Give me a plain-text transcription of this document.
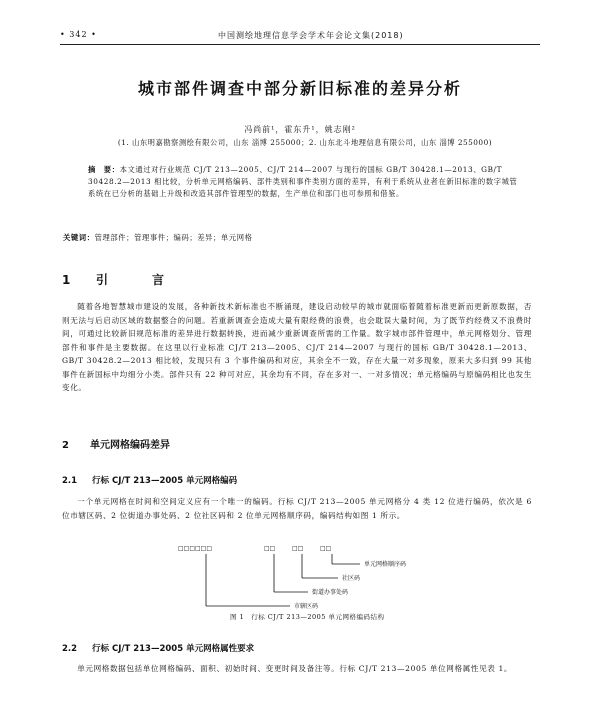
• 342 •	中国测绘地理信息学会学术年会论文集(2018)
城市部件调查中部分新旧标准的差异分析
冯尚前¹，霍东升¹，姚志刚²
(1. 山东明嘉勘察测绘有限公司，山东 淄博 255000；2. 山东北斗地理信息有限公司，山东 淄博 255000)
摘　要：本文通过对行业规范 CJ/T 213—2005、CJ/T 214—2007 与现行的国标 GB/T 30428.1—2013、GB/T 30428.2—2013 相比较，分析单元网格编码、部件类别和事件类别方面的差异，有利于系统从业者在新旧标准的数字城管系统在已分析的基础上升级和改造其部件管理型的数据，生产单位和部门也可参照和借鉴。
关键词：管理部件；管理事件；编码；差异；单元网格
1 引　言
随着各地智慧城市建设的发展，各种新技术新标准也不断涌现，建设启动较早的城市就面临着随着标准更新而更新原数据，否则无法与后启动区域的数据整合的问题。若重新调查会造成大量有限经费的浪费，也会耽误大量时间，为了既节约经费又不浪费时间，可通过比较新旧规范标准的差异进行数据转换，进而减少重新调查所需的工作量。数字城市部件管理中，单元网格划分、管理部件和事件是主要数据。在这里以行业标准 CJ/T 213—2005、CJ/T 214—2007 与现行的国标 GB/T 30428.1—2013、GB/T 30428.2—2013 相比较，发现只有 3 个事件编码和对应，其余全不一致，存在大量一对多现象，原来大多归到 99 其他事件在新国标中均细分小类。部件只有 22 种可对应，其余均有不同，存在多对一、一对多情况；单元格编码与原编码相比也发生变化。
2 单元网格编码差异
2.1 行标 CJ/T 213—2005 单元网格编码
一个单元网格在时间和空间定义应有一个唯一的编码。行标 CJ/T 213—2005 单元网格分 4 类 12 位进行编码，依次是 6 位市辖区码、2 位街道办事处码、2 位社区码和 2 位单元网格顺序码，编码结构如图 1 所示。
□□□□□□	□□	□□	□□
单元网格顺序码
社区码
街道办事处码
市辖区码
图 1　行标 CJ/T 213—2005 单元网格编码结构
2.2 行标 CJ/T 213—2005 单元网格属性要求
单元网格数据包括单位网格编码、面积、初始时间、变更时间及备注等。行标 CJ/T 213—2005 单位网格属性见表 1。
